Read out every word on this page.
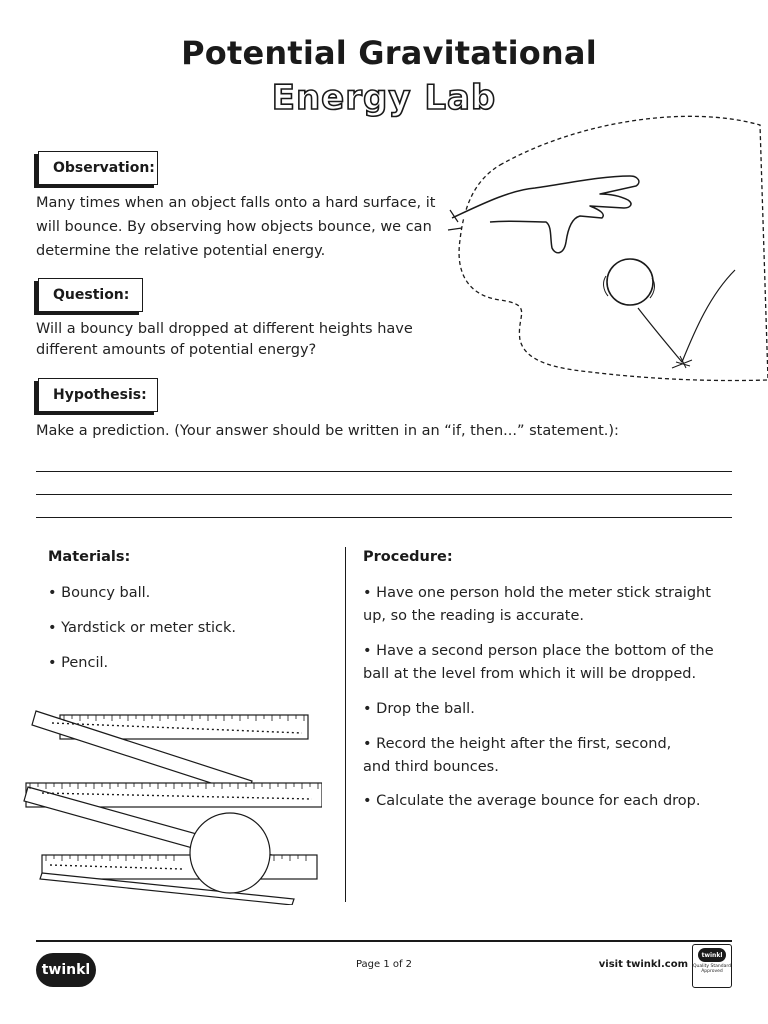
Potential Gravitational
Energy Lab
Observation:
Many times when an object falls onto a hard surface, it will bounce. By observing how objects bounce, we can determine the relative potential energy.
Question:
Will a bouncy ball dropped at different heights have different amounts of potential energy?
Hypothesis:
Make a prediction. (Your answer should be written in an “if, then...” statement.):
Materials:
• Bouncy ball.
• Yardstick or meter stick.
• Pencil.
Procedure:
• Have one person hold the meter stick straight up, so the reading is accurate.
• Have a second person place the bottom of the ball at the level from which it will be dropped.
• Drop the ball.
• Record the height after the first, second, and third bounces.
• Calculate the average bounce for each drop.
twinkl	Page 1 of 2	visit twinkl.com
twinkl
Quality Standard Approved
